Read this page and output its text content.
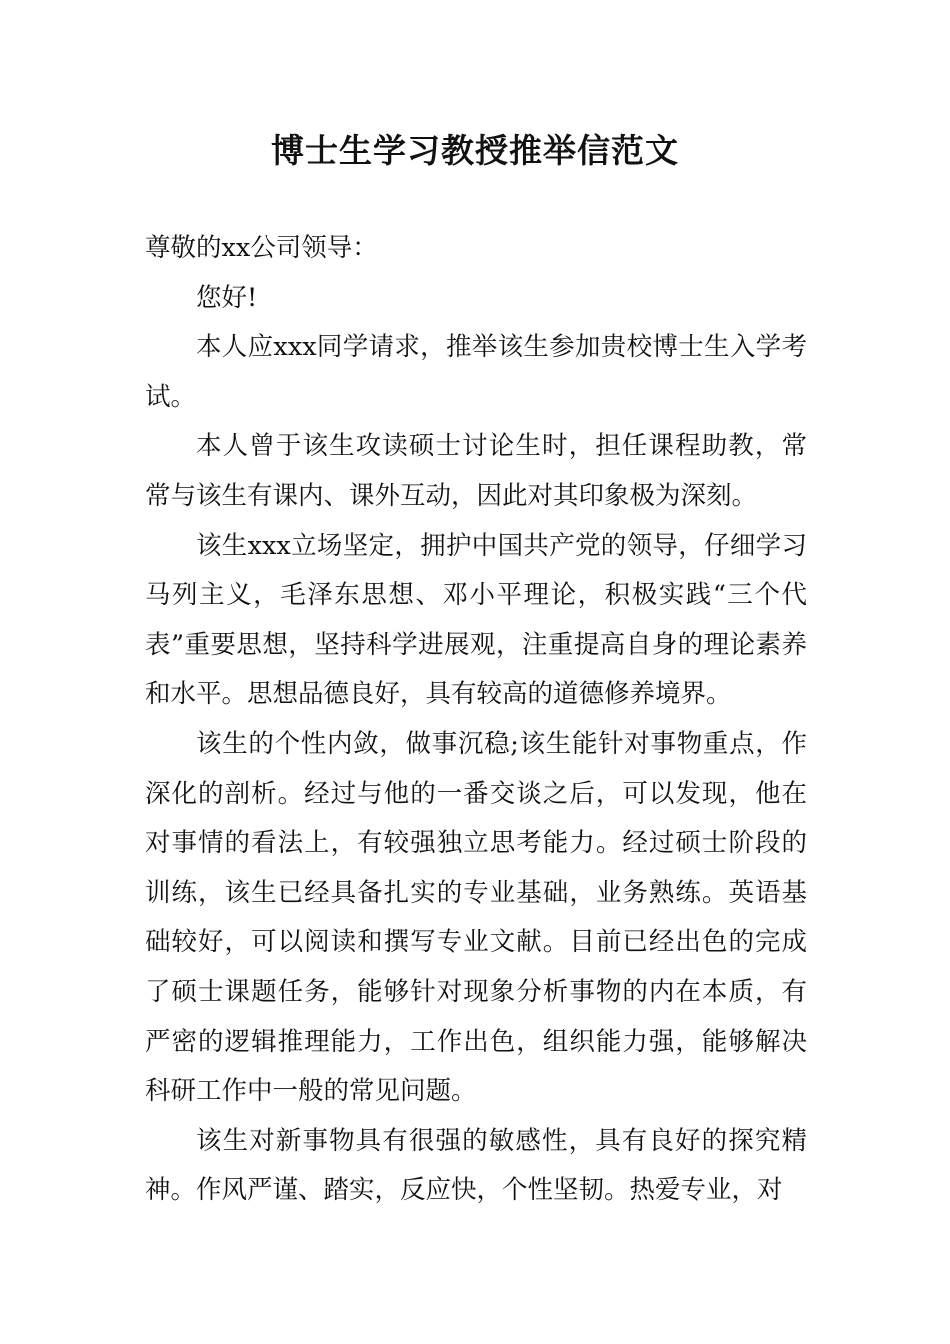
博士生学习教授推举信范文

尊敬的xx公司领导：

您好!

本人应xxx同学请求，推举该生参加贵校博士生入学考试。

本人曾于该生攻读硕士讨论生时，担任课程助教，常常与该生有课内、课外互动，因此对其印象极为深刻。

该生xxx立场坚定，拥护中国共产党的领导，仔细学习马列主义，毛泽东思想、邓小平理论，积极实践“三个代表”重要思想，坚持科学进展观，注重提高自身的理论素养和水平。思想品德良好，具有较高的道德修养境界。

该生的个性内敛，做事沉稳;该生能针对事物重点，作深化的剖析。经过与他的一番交谈之后，可以发现，他在对事情的看法上，有较强独立思考能力。经过硕士阶段的训练，该生已经具备扎实的专业基础，业务熟练。英语基础较好，可以阅读和撰写专业文献。目前已经出色的完成了硕士课题任务，能够针对现象分析事物的内在本质，有严密的逻辑推理能力，工作出色，组织能力强，能够解决科研工作中一般的常见问题。

该生对新事物具有很强的敏感性，具有良好的探究精神。作风严谨、踏实，反应快，个性坚韧。热爱专业，对
